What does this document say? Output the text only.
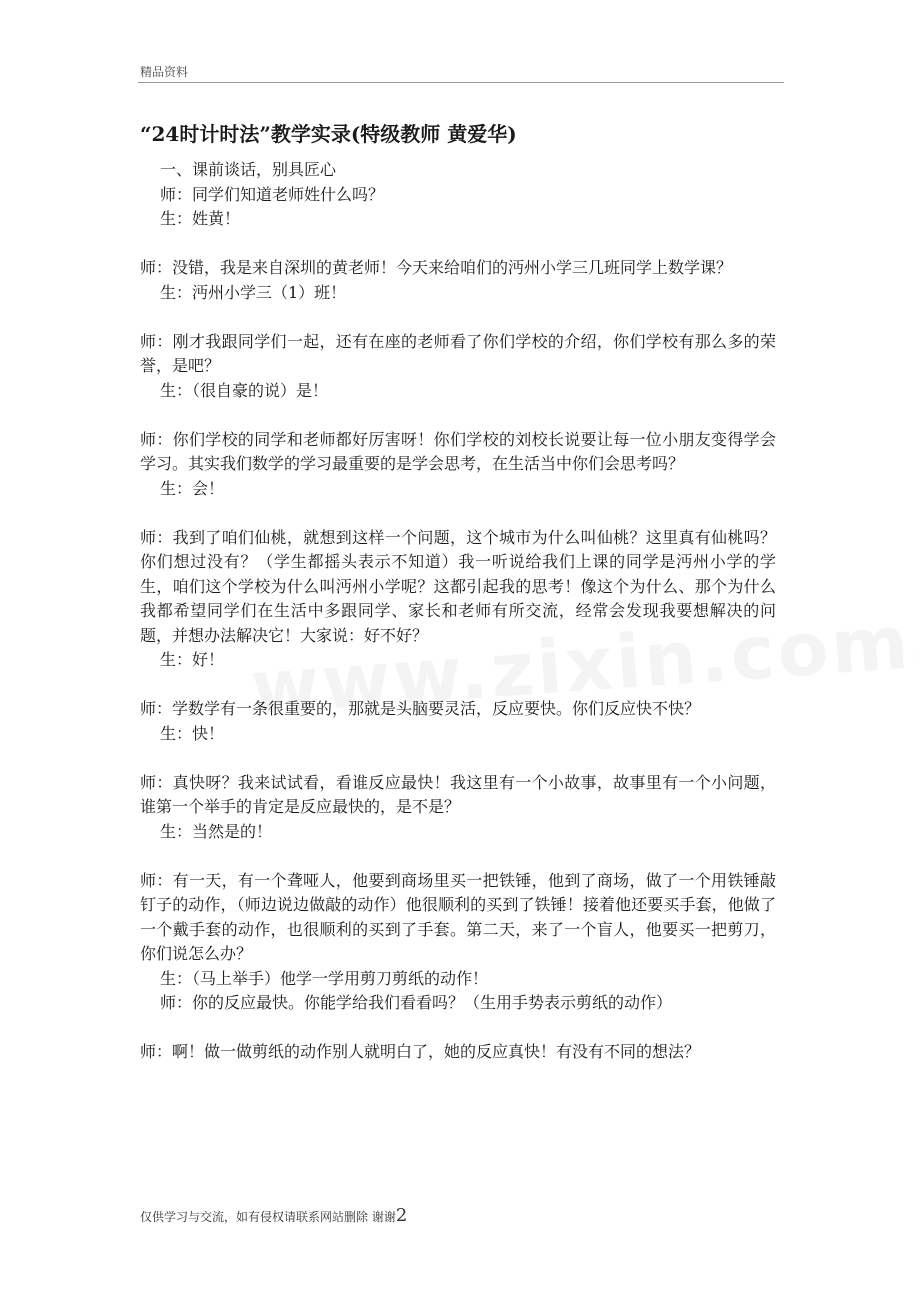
精品资料
“24时计时法”教学实录(特级教师 黄爱华)

一、课前谈话，别具匠心

师：同学们知道老师姓什么吗？

生：姓黄！

师：没错，我是来自深圳的黄老师！今天来给咱们的沔州小学三几班同学上数学课？

生：沔州小学三（1）班！

师：刚才我跟同学们一起，还有在座的老师看了你们学校的介绍，你们学校有那么多的荣誉，是吧？

生：（很自豪的说）是！

师：你们学校的同学和老师都好厉害呀！你们学校的刘校长说要让每一位小朋友变得学会学习。其实我们数学的学习最重要的是学会思考，在生活当中你们会思考吗？

生：会！

师：我到了咱们仙桃，就想到这样一个问题，这个城市为什么叫仙桃？这里真有仙桃吗？你们想过没有？（学生都摇头表示不知道）我一听说给我们上课的同学是沔州小学的学生，咱们这个学校为什么叫沔州小学呢？这都引起我的思考！像这个为什么、那个为什么我都希望同学们在生活中多跟同学、家长和老师有所交流，经常会发现我要想解决的问题，并想办法解决它！大家说：好不好？

生：好！

师：学数学有一条很重要的，那就是头脑要灵活，反应要快。你们反应快不快？

生：快！

师：真快呀？我来试试看，看谁反应最快！我这里有一个小故事，故事里有一个小问题，谁第一个举手的肯定是反应最快的，是不是？

生：当然是的！

师：有一天，有一个聋哑人，他要到商场里买一把铁锤，他到了商场，做了一个用铁锤敲钉子的动作，（师边说边做敲的动作）他很顺利的买到了铁锤！接着他还要买手套，他做了一个戴手套的动作，也很顺利的买到了手套。第二天，来了一个盲人，他要买一把剪刀，你们说怎么办？

生：（马上举手）他学一学用剪刀剪纸的动作！

师：你的反应最快。你能学给我们看看吗？（生用手势表示剪纸的动作）

师：啊！做一做剪纸的动作别人就明白了，她的反应真快！有没有不同的想法？

仅供学习与交流，如有侵权请联系网站删除 谢谢2
